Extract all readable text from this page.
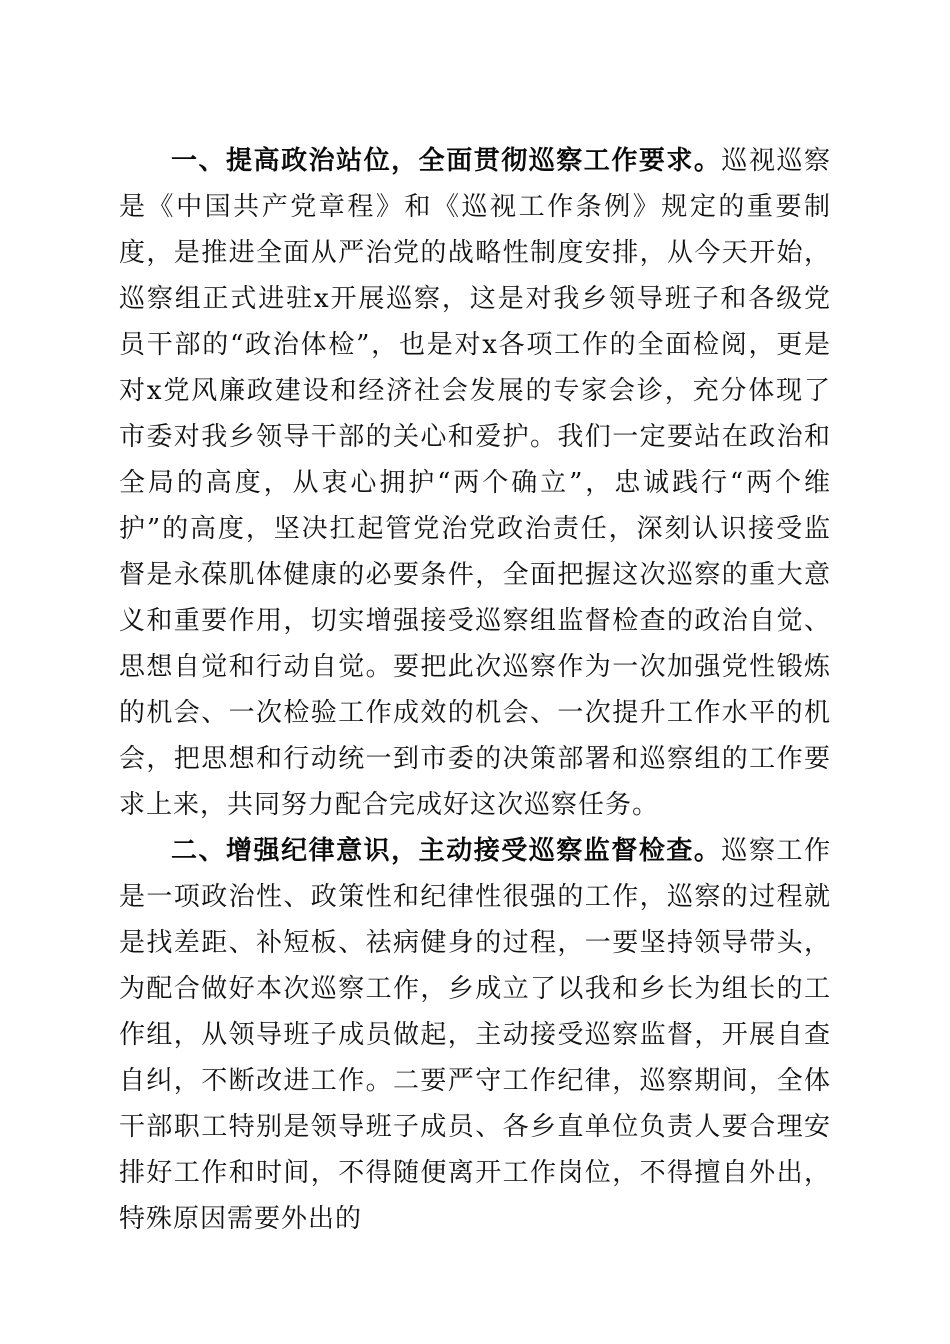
一、提高政治站位，全面贯彻巡察工作要求。巡视巡察是《中国共产党章程》和《巡视工作条例》规定的重要制度，是推进全面从严治党的战略性制度安排，从今天开始，巡察组正式进驻x开展巡察，这是对我乡领导班子和各级党员干部的“政治体检”，也是对x各项工作的全面检阅，更是对x党风廉政建设和经济社会发展的专家会诊，充分体现了市委对我乡领导干部的关心和爱护。我们一定要站在政治和全局的高度，从衷心拥护“两个确立”，忠诚践行“两个维护”的高度，坚决扛起管党治党政治责任，深刻认识接受监督是永葆肌体健康的必要条件，全面把握这次巡察的重大意义和重要作用，切实增强接受巡察组监督检查的政治自觉、思想自觉和行动自觉。要把此次巡察作为一次加强党性锻炼的机会、一次检验工作成效的机会、一次提升工作水平的机会，把思想和行动统一到市委的决策部署和巡察组的工作要求上来，共同努力配合完成好这次巡察任务。

二、增强纪律意识，主动接受巡察监督检查。巡察工作是一项政治性、政策性和纪律性很强的工作，巡察的过程就是找差距、补短板、祛病健身的过程，一要坚持领导带头，为配合做好本次巡察工作，乡成立了以我和乡长为组长的工作组，从领导班子成员做起，主动接受巡察监督，开展自查自纠，不断改进工作。二要严守工作纪律，巡察期间，全体干部职工特别是领导班子成员、各乡直单位负责人要合理安排好工作和时间，不得随便离开工作岗位，不得擅自外出，特殊原因需要外出的
